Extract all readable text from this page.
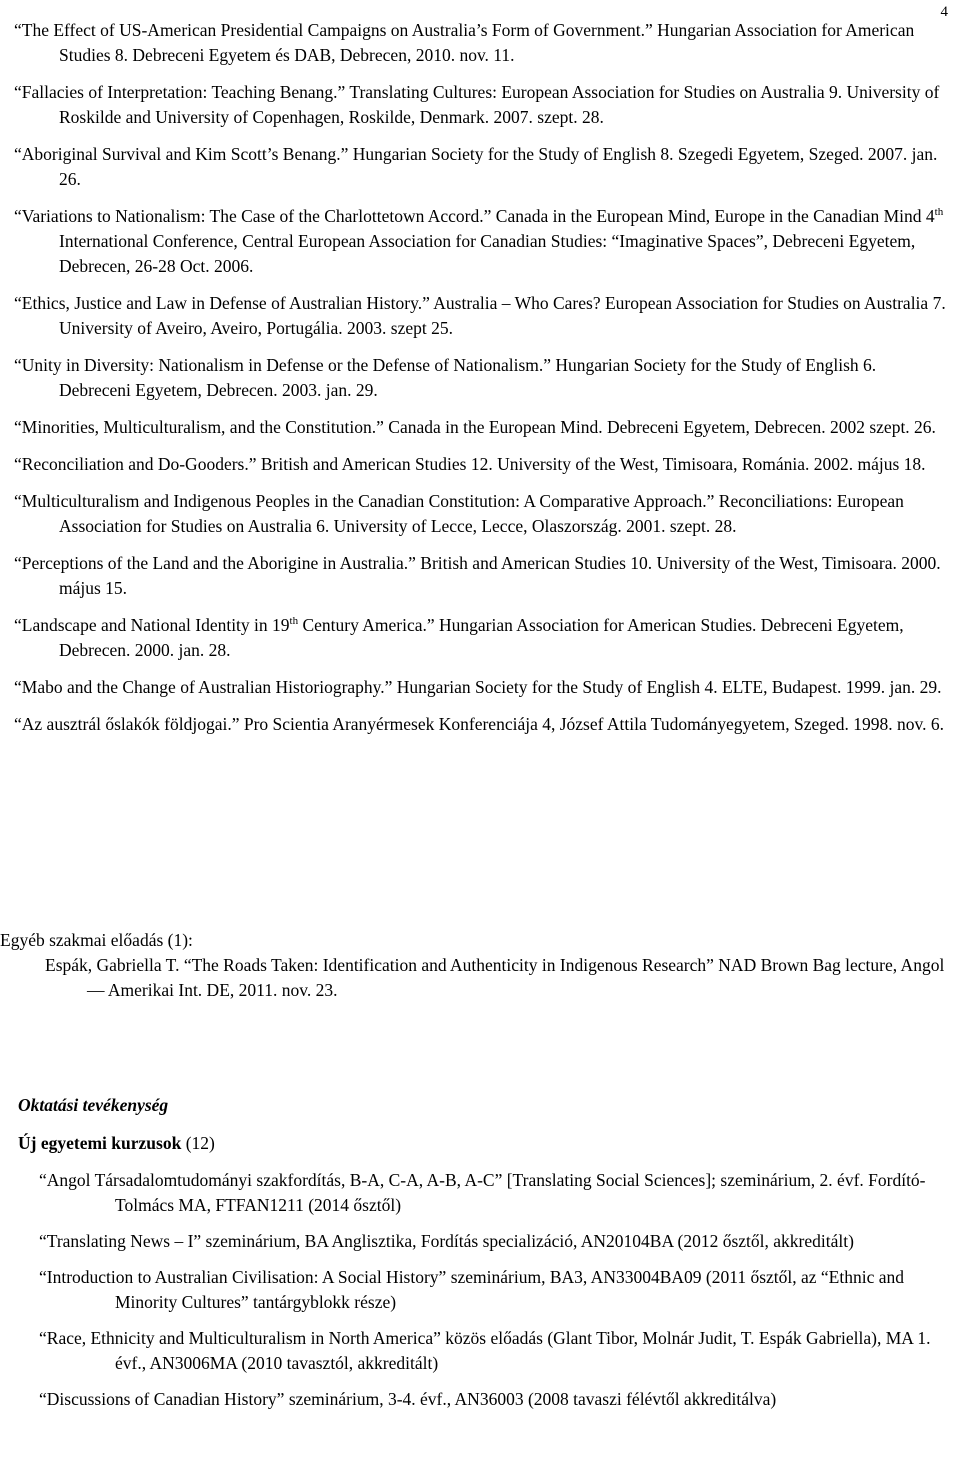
4

“The Effect of US-American Presidential Campaigns on Australia’s Form of Government.” Hungarian Association for American Studies 8. Debreceni Egyetem és DAB, Debrecen, 2010. nov. 11.

“Fallacies of Interpretation: Teaching Benang.” Translating Cultures: European Association for Studies on Australia 9. University of Roskilde and University of Copenhagen, Roskilde, Denmark. 2007. szept. 28.

“Aboriginal Survival and Kim Scott’s Benang.” Hungarian Society for the Study of English 8. Szegedi Egyetem, Szeged. 2007. jan. 26.

“Variations to Nationalism: The Case of the Charlottetown Accord.” Canada in the European Mind, Europe in the Canadian Mind 4th International Conference, Central European Association for Canadian Studies: “Imaginative Spaces”, Debreceni Egyetem, Debrecen, 26-28 Oct. 2006.

“Ethics, Justice and Law in Defense of Australian History.” Australia – Who Cares? European Association for Studies on Australia 7. University of Aveiro, Aveiro, Portugália. 2003. szept 25.

“Unity in Diversity: Nationalism in Defense or the Defense of Nationalism.” Hungarian Society for the Study of English 6. Debreceni Egyetem, Debrecen. 2003. jan. 29.

“Minorities, Multiculturalism, and the Constitution.” Canada in the European Mind. Debreceni Egyetem, Debrecen. 2002 szept. 26.

“Reconciliation and Do-Gooders.” British and American Studies 12. University of the West, Timisoara, Románia. 2002. május 18.

“Multiculturalism and Indigenous Peoples in the Canadian Constitution: A Comparative Approach.” Reconciliations: European Association for Studies on Australia 6. University of Lecce, Lecce, Olaszország. 2001. szept. 28.

“Perceptions of the Land and the Aborigine in Australia.” British and American Studies 10. University of the West, Timisoara. 2000. május 15.

“Landscape and National Identity in 19th Century America.” Hungarian Association for American Studies. Debreceni Egyetem, Debrecen. 2000. jan. 28.

“Mabo and the Change of Australian Historiography.” Hungarian Society for the Study of English 4. ELTE, Budapest. 1999. jan. 29.

“Az ausztrál őslakók földjogai.” Pro Scientia Aranyérmesek Konferenciája 4, József Attila Tudományegyetem, Szeged. 1998. nov. 6.

Egyéb szakmai előadás (1):

Espák, Gabriella T. “The Roads Taken: Identification and Authenticity in Indigenous Research” NAD Brown Bag lecture, Angol — Amerikai Int. DE, 2011. nov. 23.

Oktatási tevékenység
Új egyetemi kurzusok (12)

“Angol Társadalomtudományi szakfordítás, B-A, C-A, A-B, A-C” [Translating Social Sciences]; szeminárium, 2. évf. Fordító-Tolmács MA, FTFAN1211 (2014 ősztől)

“Translating News – I” szeminárium, BA Anglisztika, Fordítás specializáció, AN20104BA (2012 ősztől, akkreditált)

“Introduction to Australian Civilisation: A Social History” szeminárium, BA3, AN33004BA09 (2011 ősztől, az “Ethnic and Minority Cultures” tantárgyblokk része)

“Race, Ethnicity and Multiculturalism in North America” közös előadás (Glant Tibor, Molnár Judit, T. Espák Gabriella), MA 1. évf., AN3006MA (2010 tavasztól, akkreditált)

“Discussions of Canadian History” szeminárium, 3-4. évf., AN36003 (2008 tavaszi félévtől akkreditálva)
